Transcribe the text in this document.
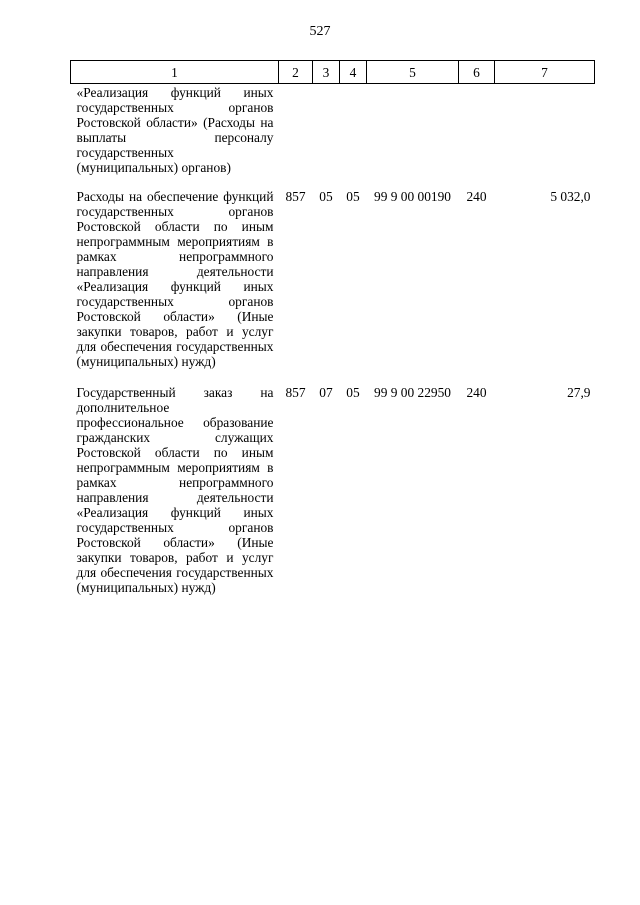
527
1	2	3	4	5	6	7
«Реализация функций иных государственных органов Ростовской области» (Расходы на выплаты персоналу государственных (муниципальных) органов)						
Расходы на обеспечение функций государственных органов Ростовской области по иным непрограммным мероприятиям в рамках непрограммного направления деятельности «Реализация функций иных государственных органов Ростовской области» (Иные закупки товаров, работ и услуг для обеспечения государственных (муниципальных) нужд)	857	05	05	99 9 00 00190	240	5 032,0
Государственный заказ на дополнительное профессиональное образование гражданских служащих Ростовской области по иным непрограммным мероприятиям в рамках непрограммного направления деятельности «Реализация функций иных государственных органов Ростовской области» (Иные закупки товаров, работ и услуг для обеспечения государственных (муниципальных) нужд)	857	07	05	99 9 00 22950	240	27,9
